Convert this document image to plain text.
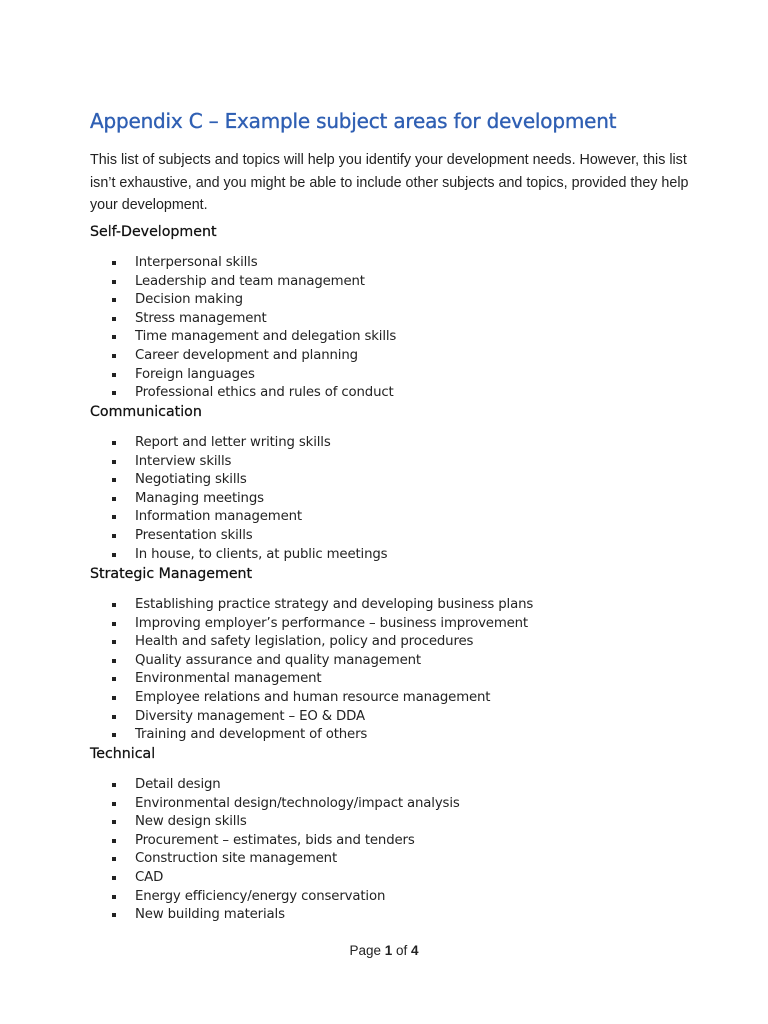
Appendix C – Example subject areas for development

This list of subjects and topics will help you identify your development needs. However, this list isn’t exhaustive, and you might be able to include other subjects and topics, provided they help your development.

Self-Development
Interpersonal skills
Leadership and team management
Decision making
Stress management
Time management and delegation skills
Career development and planning
Foreign languages
Professional ethics and rules of conduct
Communication
Report and letter writing skills
Interview skills
Negotiating skills
Managing meetings
Information management
Presentation skills
In house, to clients, at public meetings
Strategic Management
Establishing practice strategy and developing business plans
Improving employer’s performance – business improvement
Health and safety legislation, policy and procedures
Quality assurance and quality management
Environmental management
Employee relations and human resource management
Diversity management – EO & DDA
Training and development of others
Technical
Detail design
Environmental design/technology/impact analysis
New design skills
Procurement – estimates, bids and tenders
Construction site management
CAD
Energy efficiency/energy conservation
New building materials
Page 1 of 4
